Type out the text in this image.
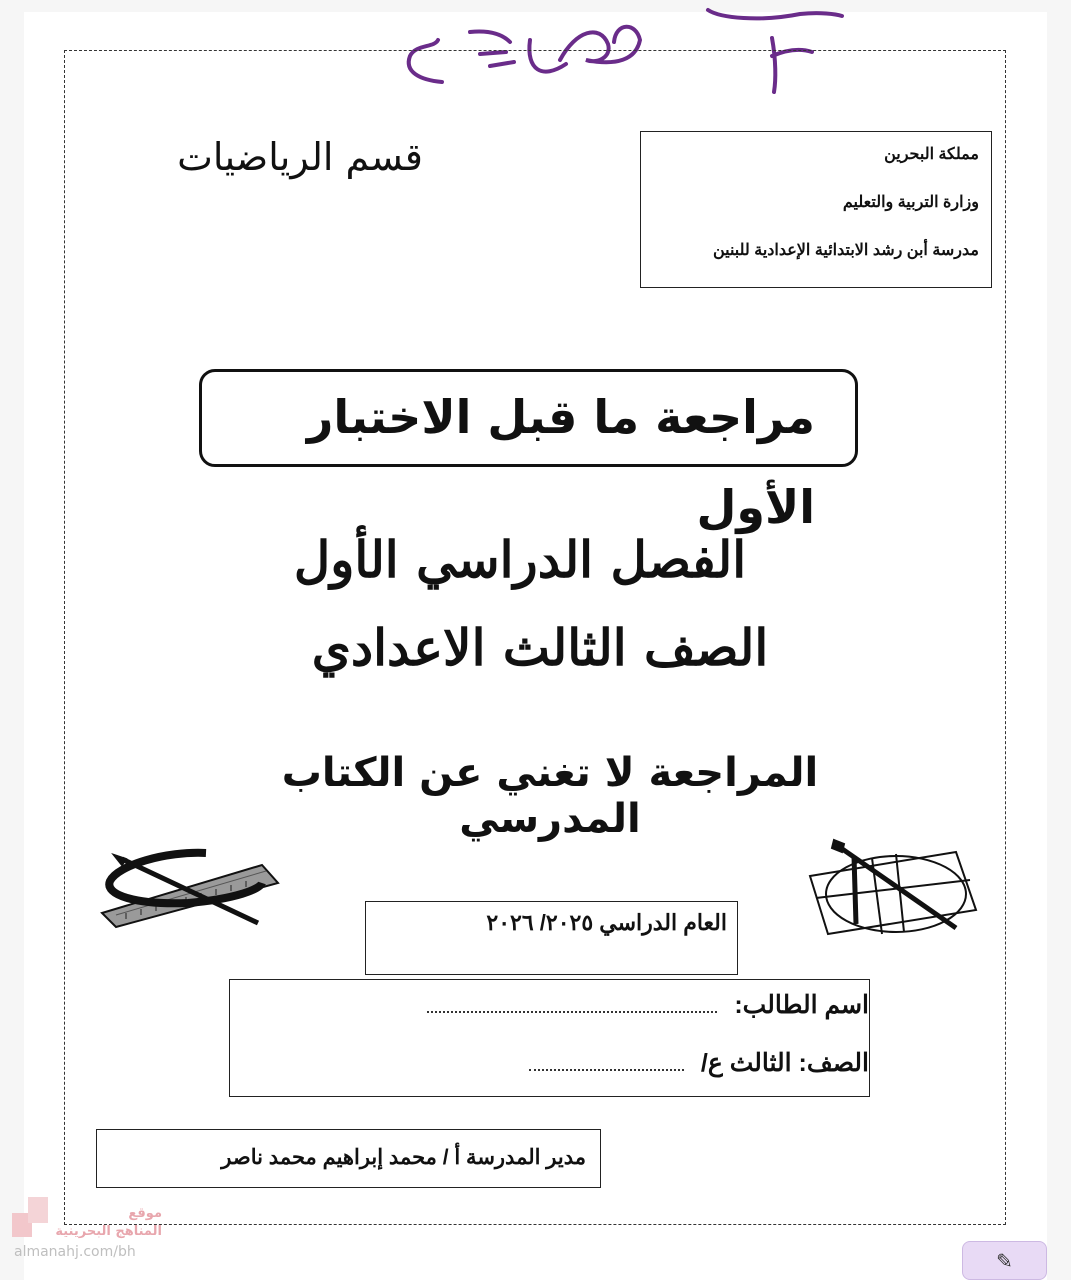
قسم الرياضيات	مملكة البحرين
وزارة التربية والتعليم
مدرسة أبن رشد الابتدائية الإعدادية للبنين
مراجعة ما قبل الاختبار الأول
الفصل الدراسي الأول
الصف الثالث الاعدادي
المراجعة لا تغني عن الكتاب المدرسي
العام الدراسي ٢٠٢٥/ ٢٠٢٦
اسم الطالب:
الصف: الثالث ع/
مدير المدرسة أ / محمد إبراهيم محمد ناصر
موقع
المناهج البحرينية
almanahj.com/bh	✎
